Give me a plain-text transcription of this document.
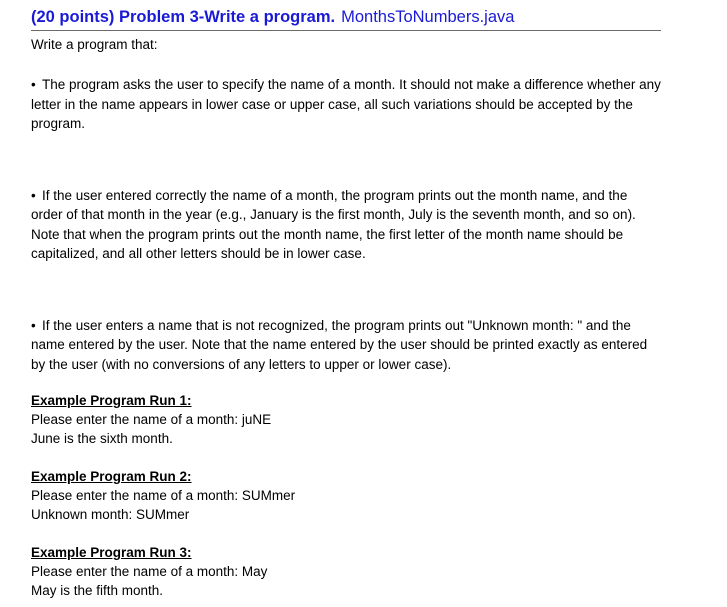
(20 points) Problem 3-Write a program. MonthsToNumbers.java
Write a program that:
• The program asks the user to specify the name of a month. It should not make a difference whether any letter in the name appears in lower case or upper case, all such variations should be accepted by the program.
• If the user entered correctly the name of a month, the program prints out the month name, and the order of that month in the year (e.g., January is the first month, July is the seventh month, and so on). Note that when the program prints out the month name, the first letter of the month name should be capitalized, and all other letters should be in lower case.
• If the user enters a name that is not recognized, the program prints out "Unknown month: " and the name entered by the user. Note that the name entered by the user should be printed exactly as entered by the user (with no conversions of any letters to upper or lower case).
Example Program Run 1:
Please enter the name of a month: juNE
June is the sixth month.
Example Program Run 2:
Please enter the name of a month: SUMmer
Unknown month: SUMmer
Example Program Run 3:
Please enter the name of a month: May
May is the fifth month.
